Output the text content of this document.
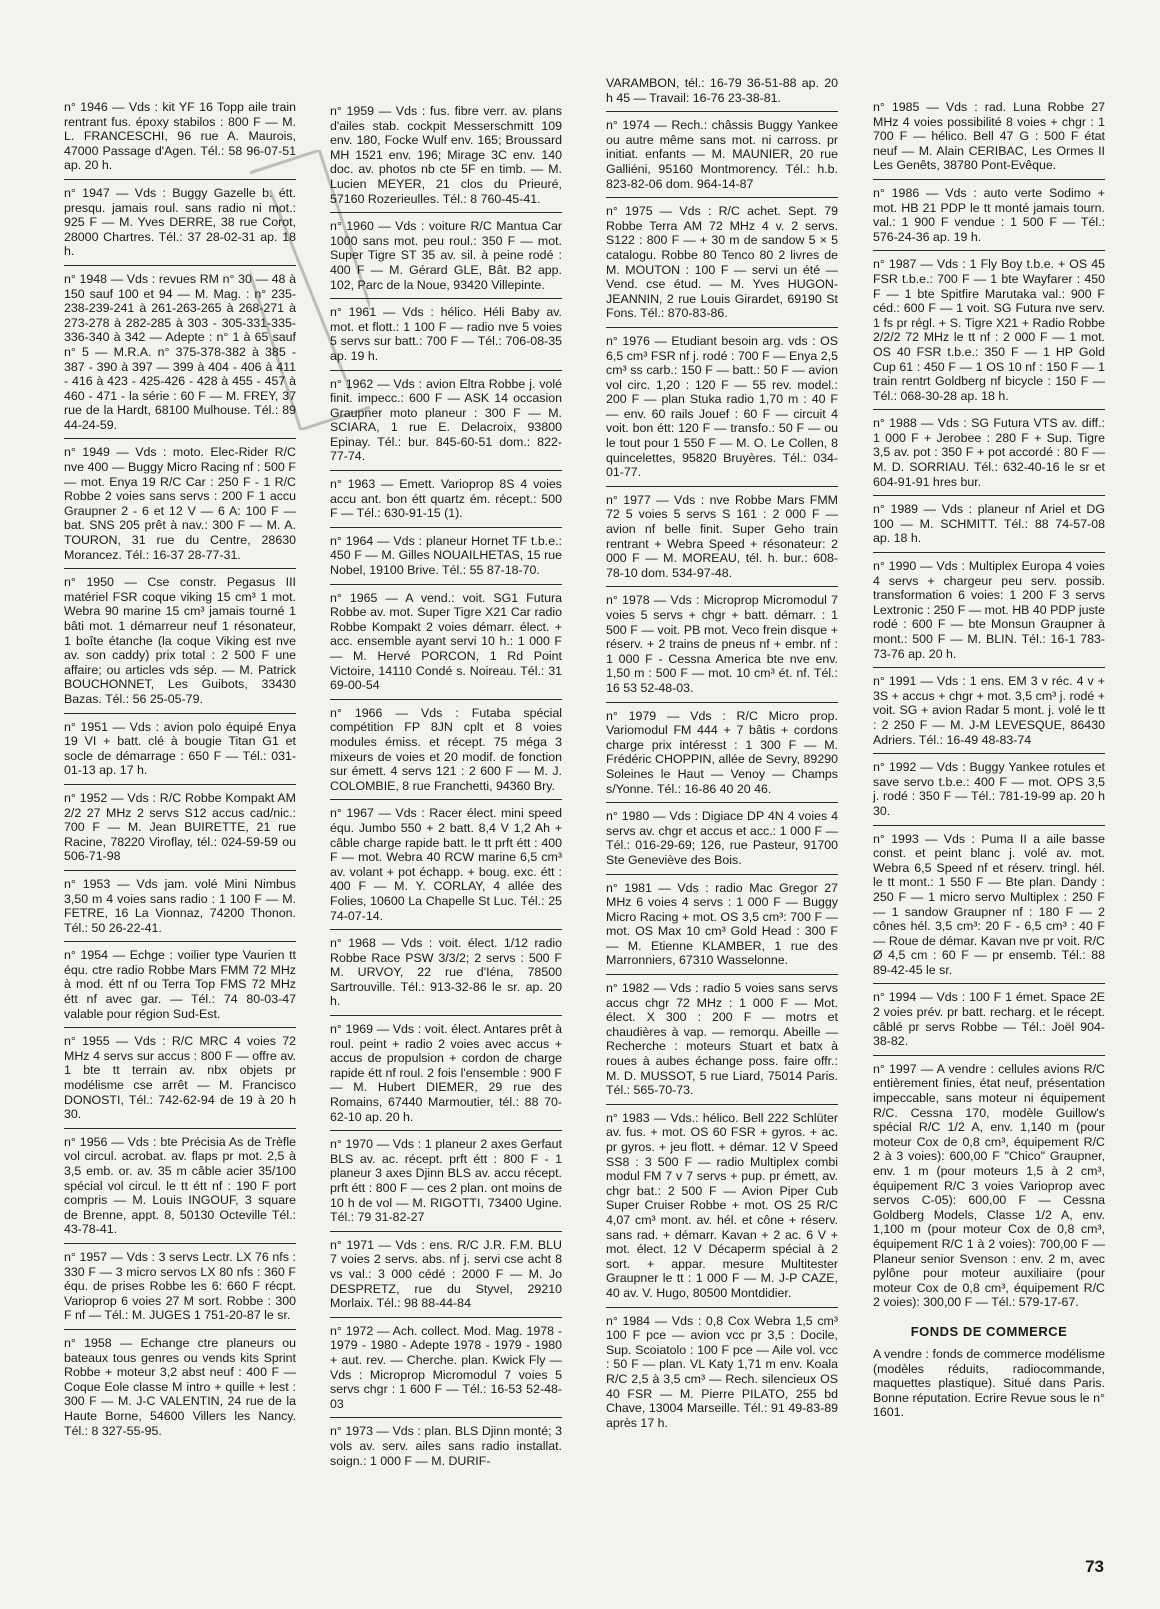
n° 1946 — Vds : kit YF 16 Topp aile train rentrant fus. époxy stabilos : 800 F — M. L. FRANCESCHI, 96 rue A. Maurois, 47000 Passage d'Agen. Tél.: 58 96-07-51 ap. 20 h.
n° 1947 — Vds : Buggy Gazelle b. étt. presqu. jamais roul. sans radio ni mot.: 925 F — M. Yves DERRE, 38 rue Corot, 28000 Chartres. Tél.: 37 28-02-31 ap. 18 h.
n° 1948 — Vds : revues RM n° 30 — 48 à 150 sauf 100 et 94 — M. Mag. : n° 235-238-239-241 à 261-263-265 à 268-271 à 273-278 à 282-285 à 303 - 305-331-335-336-340 à 342 — Adepte : n° 1 à 65 sauf n° 5 — M.R.A. n° 375-378-382 à 385 - 387 - 390 à 397 — 399 à 404 - 406 à 411 - 416 à 423 - 425-426 - 428 à 455 - 457 à 460 - 471 - la série : 60 F — M. FREY, 37 rue de la Hardt, 68100 Mulhouse. Tél.: 89 44-24-59.
n° 1949 — Vds : moto. Elec-Rider R/C nve 400 — Buggy Micro Racing nf : 500 F — mot. Enya 19 R/C Car : 250 F - 1 R/C Robbe 2 voies sans servs : 200 F 1 accu Graupner 2 - 6 et 12 V — 6 A: 100 F — bat. SNS 205 prêt à nav.: 300 F — M. A. TOURON, 31 rue du Centre, 28630 Morancez. Tél.: 16-37 28-77-31.
n° 1950 — Cse constr. Pegasus III matériel FSR coque viking 15 cm³ 1 mot. Webra 90 marine 15 cm³ jamais tourné 1 bâti mot. 1 démarreur neuf 1 résonateur, 1 boîte étanche (la coque Viking est nve av. son caddy) prix total : 2 500 F une affaire; ou articles vds sép. — M. Patrick BOUCHONNET, Les Guibots, 33430 Bazas. Tél.: 56 25-05-79.
n° 1951 — Vds : avion polo équipé Enya 19 VI + batt. clé à bougie Titan G1 et socle de démarrage : 650 F — Tél.: 031-01-13 ap. 17 h.
n° 1952 — Vds : R/C Robbe Kompakt AM 2/2 27 MHz 2 servs S12 accus cad/nic.: 700 F — M. Jean BUIRETTE, 21 rue Racine, 78220 Viroflay, tél.: 024-59-59 ou 506-71-98
n° 1953 — Vds jam. volé Mini Nimbus 3,50 m 4 voies sans radio : 1 100 F — M. FETRE, 16 La Vionnaz, 74200 Thonon. Tél.: 50 26-22-41.
n° 1954 — Echge : voilier type Vaurien tt équ. ctre radio Robbe Mars FMM 72 MHz à mod. étt nf ou Terra Top FMS 72 MHz étt nf avec gar. — Tél.: 74 80-03-47 valable pour région Sud-Est.
n° 1955 — Vds : R/C MRC 4 voies 72 MHz 4 servs sur accus : 800 F — offre av. 1 bte tt terrain av. nbx objets pr modélisme cse arrêt — M. Francisco DONOSTI, Tél.: 742-62-94 de 19 à 20 h 30.
n° 1956 — Vds : bte Précisia As de Trèfle vol circul. acrobat. av. flaps pr mot. 2,5 à 3,5 emb. or. av. 35 m câble acier 35/100 spécial vol circul. le tt étt nf : 190 F port compris — M. Louis INGOUF, 3 square de Brenne, appt. 8, 50130 Octeville Tél.: 43-78-41.
n° 1957 — Vds : 3 servs Lectr. LX 76 nfs : 330 F — 3 micro servos LX 80 nfs : 360 F équ. de prises Robbe les 6: 660 F récpt. Varioprop 6 voies 27 M sort. Robbe : 300 F nf — Tél.: M. JUGES 1 751-20-87 le sr.
n° 1958 — Echange ctre planeurs ou bateaux tous genres ou vends kits Sprint Robbe + moteur 3,2 abst neuf : 400 F — Coque Eole classe M intro + quille + lest : 300 F — M. J-C VALENTIN, 24 rue de la Haute Borne, 54600 Villers les Nancy. Tél.: 8 327-55-95.
n° 1959 — Vds : fus. fibre verr. av. plans d'ailes stab. cockpit Messerschmitt 109 env. 180, Focke Wulf env. 165; Broussard MH 1521 env. 196; Mirage 3C env. 140 doc. av. photos nb cte 5F en timb. — M. Lucien MEYER, 21 clos du Prieuré, 57160 Rozerieulles. Tél.: 8 760-45-41.
n° 1960 — Vds : voiture R/C Mantua Car 1000 sans mot. peu roul.: 350 F — mot. Super Tigre ST 35 av. sil. à peine rodé : 400 F — M. Gérard GLE, Bât. B2 app. 102, Parc de la Noue, 93420 Villepinte.
n° 1961 — Vds : hélico. Héli Baby av. mot. et flott.: 1 100 F — radio nve 5 voies 5 servs sur batt.: 700 F — Tél.: 706-08-35 ap. 19 h.
n° 1962 — Vds : avion Eltra Robbe j. volé finit. impecc.: 600 F — ASK 14 occasion Graupner moto planeur : 300 F — M. SCIARA, 1 rue E. Delacroix, 93800 Epinay. Tél.: bur. 845-60-51 dom.: 822-77-74.
n° 1963 — Emett. Varioprop 8S 4 voies accu ant. bon étt quartz ém. récept.: 500 F — Tél.: 630-91-15 (1).
n° 1964 — Vds : planeur Hornet TF t.b.e.: 450 F — M. Gilles NOUAILHETAS, 15 rue Nobel, 19100 Brive. Tél.: 55 87-18-70.
n° 1965 — A vend.: voit. SG1 Futura Robbe av. mot. Super Tigre X21 Car radio Robbe Kompakt 2 voies démarr. élect. + acc. ensemble ayant servi 10 h.: 1 000 F — M. Hervé PORCON, 1 Rd Point Victoire, 14110 Condé s. Noireau. Tél.: 31 69-00-54
n° 1966 — Vds : Futaba spécial compétition FP 8JN cplt et 8 voies modules émiss. et récept. 75 méga 3 mixeurs de voies et 20 modif. de fonction sur émett. 4 servs 121 : 2 600 F — M. J. COLOMBIE, 8 rue Franchetti, 94360 Bry.
n° 1967 — Vds : Racer élect. mini speed équ. Jumbo 550 + 2 batt. 8,4 V 1,2 Ah + câble charge rapide batt. le tt prft étt : 400 F — mot. Webra 40 RCW marine 6,5 cm³ av. volant + pot échapp. + boug. exc. étt : 400 F — M. Y. CORLAY, 4 allée des Folies, 10600 La Chapelle St Luc. Tél.: 25 74-07-14.
n° 1968 — Vds : voit. élect. 1/12 radio Robbe Race PSW 3/3/2; 2 servs : 500 F M. URVOY, 22 rue d'Iéna, 78500 Sartrouville. Tél.: 913-32-86 le sr. ap. 20 h.
n° 1969 — Vds : voit. élect. Antares prêt à roul. peint + radio 2 voies avec accus + accus de propulsion + cordon de charge rapide étt nf roul. 2 fois l'ensemble : 900 F — M. Hubert DIEMER, 29 rue des Romains, 67440 Marmoutier, tél.: 88 70-62-10 ap. 20 h.
n° 1970 — Vds : 1 planeur 2 axes Gerfaut BLS av. ac. récept. prft étt : 800 F - 1 planeur 3 axes Djinn BLS av. accu récept. prft étt : 800 F — ces 2 plan. ont moins de 10 h de vol — M. RIGOTTI, 73400 Ugine. Tél.: 79 31-82-27
n° 1971 — Vds : ens. R/C J.R. F.M. BLU 7 voies 2 servs. abs. nf j. servi cse acht 8 vs val.: 3 000 cédé : 2000 F — M. Jo DESPRETZ, rue du Styvel, 29210 Morlaix. Tél.: 98 88-44-84
n° 1972 — Ach. collect. Mod. Mag. 1978 - 1979 - 1980 - Adepte 1978 - 1979 - 1980 + aut. rev. — Cherche. plan. Kwick Fly — Vds : Microprop Micromodul 7 voies 5 servs chgr : 1 600 F — Tél.: 16-53 52-48-03
n° 1973 — Vds : plan. BLS Djinn monté; 3 vols av. serv. ailes sans radio installat. soign.: 1 000 F — M. DURIF-
VARAMBON, tél.: 16-79 36-51-88 ap. 20 h 45 — Travail: 16-76 23-38-81.
n° 1974 — Rech.: châssis Buggy Yankee ou autre même sans mot. ni carross. pr initiat. enfants — M. MAUNIER, 20 rue Galliéni, 95160 Montmorency. Tél.: h.b. 823-82-06 dom. 964-14-87
n° 1975 — Vds : R/C achet. Sept. 79 Robbe Terra AM 72 MHz 4 v. 2 servs. S122 : 800 F — + 30 m de sandow 5 × 5 catalogu. Robbe 80 Tenco 80 2 livres de M. MOUTON : 100 F — servi un été — Vend. cse étud. — M. Yves HUGON-JEANNIN, 2 rue Louis Girardet, 69190 St Fons. Tél.: 870-83-86.
n° 1976 — Etudiant besoin arg. vds : OS 6,5 cm³ FSR nf j. rodé : 700 F — Enya 2,5 cm³ ss carb.: 150 F — batt.: 50 F — avion vol circ. 1,20 : 120 F — 55 rev. model.: 200 F — plan Stuka radio 1,70 m : 40 F — env. 60 rails Jouef : 60 F — circuit 4 voit. bon étt: 120 F — transfo.: 50 F — ou le tout pour 1 550 F — M. O. Le Collen, 8 quincelettes, 95820 Bruyères. Tél.: 034-01-77.
n° 1977 — Vds : nve Robbe Mars FMM 72 5 voies 5 servs S 161 : 2 000 F — avion nf belle finit. Super Geho train rentrant + Webra Speed + résonateur: 2 000 F — M. MOREAU, tél. h. bur.: 608-78-10 dom. 534-97-48.
n° 1978 — Vds : Microprop Micromodul 7 voies 5 servs + chgr + batt. démarr. : 1 500 F — voit. PB mot. Veco frein disque + réserv. + 2 trains de pneus nf + embr. nf : 1 000 F - Cessna America bte nve env. 1,50 m : 500 F — mot. 10 cm³ ét. nf. Tél.: 16 53 52-48-03.
n° 1979 — Vds : R/C Micro prop. Variomodul FM 444 + 7 bâtis + cordons charge prix intéresst : 1 300 F — M. Frédéric CHOPPIN, allée de Sevry, 89290 Soleines le Haut — Venoy — Champs s/Yonne. Tél.: 16-86 40 20 46.
n° 1980 — Vds : Digiace DP 4N 4 voies 4 servs av. chgr et accus et acc.: 1 000 F — Tél.: 016-29-69; 126, rue Pasteur, 91700 Ste Geneviève des Bois.
n° 1981 — Vds : radio Mac Gregor 27 MHz 6 voies 4 servs : 1 000 F — Buggy Micro Racing + mot. OS 3,5 cm³: 700 F — mot. OS Max 10 cm³ Gold Head : 300 F — M. Etienne KLAMBER, 1 rue des Marronniers, 67310 Wasselonne.
n° 1982 — Vds : radio 5 voies sans servs accus chgr 72 MHz : 1 000 F — Mot. élect. X 300 : 200 F — motrs et chaudières à vap. — remorqu. Abeille — Recherche : moteurs Stuart et batx à roues à aubes échange poss. faire offr.: M. D. MUSSOT, 5 rue Liard, 75014 Paris. Tél.: 565-70-73.
n° 1983 — Vds.: hélico. Bell 222 Schlüter av. fus. + mot. OS 60 FSR + gyros. + ac. pr gyros. + jeu flott. + démar. 12 V Speed SS8 : 3 500 F — radio Multiplex combi modul FM 7 v 7 servs + pup. pr émett, av. chgr bat.: 2 500 F — Avion Piper Cub Super Cruiser Robbe + mot. OS 25 R/C 4,07 cm³ mont. av. hél. et cône + réserv. sans rad. + démarr. Kavan + 2 ac. 6 V + mot. élect. 12 V Décaperm spécial à 2 sort. + appar. mesure Multitester Graupner le tt : 1 000 F — M. J-P CAZE, 40 av. V. Hugo, 80500 Montdidier.
n° 1984 — Vds : 0,8 Cox Webra 1,5 cm³ 100 F pce — avion vcc pr 3,5 : Docile, Sup. Scoiatolo : 100 F pce — Aile vol. vcc : 50 F — plan. VL Katy 1,71 m env. Koala R/C 2,5 à 3,5 cm³ — Rech. silencieux OS 40 FSR — M. Pierre PILATO, 255 bd Chave, 13004 Marseille. Tél.: 91 49-83-89 après 17 h.
n° 1985 — Vds : rad. Luna Robbe 27 MHz 4 voies possibilité 8 voies + chgr : 1 700 F — hélico. Bell 47 G : 500 F état neuf — M. Alain CERIBAC, Les Ormes II Les Genêts, 38780 Pont-Evêque.
n° 1986 — Vds : auto verte Sodimo + mot. HB 21 PDP le tt monté jamais tourn. val.: 1 900 F vendue : 1 500 F — Tél.: 576-24-36 ap. 19 h.
n° 1987 — Vds : 1 Fly Boy t.b.e. + OS 45 FSR t.b.e.: 700 F — 1 bte Wayfarer : 450 F — 1 bte Spitfire Marutaka val.: 900 F céd.: 600 F — 1 voit. SG Futura nve serv. 1 fs pr régl. + S. Tigre X21 + Radio Robbe 2/2/2 72 MHz le tt nf : 2 000 F — 1 mot. OS 40 FSR t.b.e.: 350 F — 1 HP Gold Cup 61 : 450 F — 1 OS 10 nf : 150 F — 1 train rentrt Goldberg nf bicycle : 150 F — Tél.: 068-30-28 ap. 18 h.
n° 1988 — Vds : SG Futura VTS av. diff.: 1 000 F + Jerobee : 280 F + Sup. Tigre 3,5 av. pot : 350 F + pot accordé : 80 F — M. D. SORRIAU. Tél.: 632-40-16 le sr et 604-91-91 hres bur.
n° 1989 — Vds : planeur nf Ariel et DG 100 — M. SCHMITT. Tél.: 88 74-57-08 ap. 18 h.
n° 1990 — Vds : Multiplex Europa 4 voies 4 servs + chargeur peu serv. possib. transformation 6 voies: 1 200 F 3 servs Lextronic : 250 F — mot. HB 40 PDP juste rodé : 600 F — bte Monsun Graupner à mont.: 500 F — M. BLIN. Tél.: 16-1 783-73-76 ap. 20 h.
n° 1991 — Vds : 1 ens. EM 3 v réc. 4 v + 3S + accus + chgr + mot. 3,5 cm³ j. rodé + voit. SG + avion Radar 5 mont. j. volé le tt : 2 250 F — M. J-M LEVESQUE, 86430 Adriers. Tél.: 16-49 48-83-74
n° 1992 — Vds : Buggy Yankee rotules et save servo t.b.e.: 400 F — mot. OPS 3,5 j. rodé : 350 F — Tél.: 781-19-99 ap. 20 h 30.
n° 1993 — Vds : Puma II a aile basse const. et peint blanc j. volé av. mot. Webra 6,5 Speed nf et réserv. tringl. hél. le tt mont.: 1 550 F — Bte plan. Dandy : 250 F — 1 micro servo Multiplex : 250 F — 1 sandow Graupner nf : 180 F — 2 cônes hél. 3,5 cm³: 20 F - 6,5 cm³ : 40 F — Roue de démar. Kavan nve pr voit. R/C Ø 4,5 cm : 60 F — pr ensemb. Tél.: 88 89-42-45 le sr.
n° 1994 — Vds : 100 F 1 émet. Space 2E 2 voies prév. pr batt. recharg. et le récept. câblé pr servs Robbe — Tél.: Joël 904-38-82.
n° 1997 — A vendre : cellules avions R/C entièrement finies, état neuf, présentation impeccable, sans moteur ni équipement R/C. Cessna 170, modèle Guillow's spécial R/C 1/2 A, env. 1,140 m (pour moteur Cox de 0,8 cm³, équipement R/C 2 à 3 voies): 600,00 F "Chico" Graupner, env. 1 m (pour moteurs 1,5 à 2 cm³, équipement R/C 3 voies Varioprop avec servos C-05): 600,00 F — Cessna Goldberg Models, Classe 1/2 A, env. 1,100 m (pour moteur Cox de 0,8 cm³, équipement R/C 1 à 2 voies): 700,00 F — Planeur senior Svenson : env. 2 m, avec pylône pour moteur auxiliaire (pour moteur Cox de 0,8 cm³, équipement R/C 2 voies): 300,00 F — Tél.: 579-17-67.
FONDS DE COMMERCE
A vendre : fonds de commerce modélisme (modèles réduits, radiocommande, maquettes plastique). Situé dans Paris. Bonne réputation. Ecrire Revue sous le n° 1601.
73
